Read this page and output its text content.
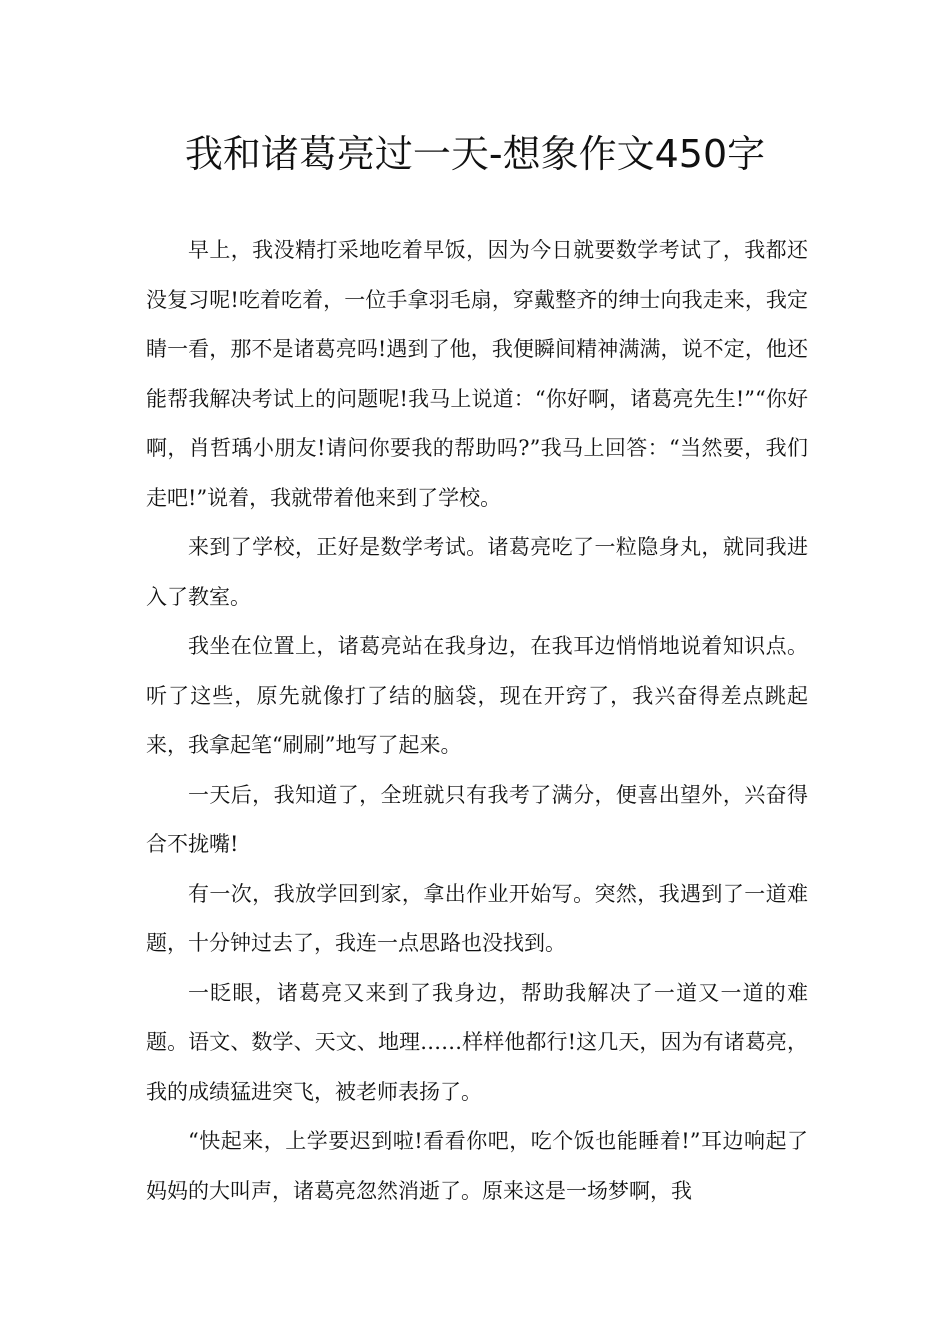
我和诸葛亮过一天-想象作文450字

早上，我没精打采地吃着早饭，因为今日就要数学考试了，我都还没复习呢!吃着吃着，一位手拿羽毛扇，穿戴整齐的绅士向我走来，我定睛一看，那不是诸葛亮吗!遇到了他，我便瞬间精神满满，说不定，他还能帮我解决考试上的问题呢!我马上说道：“你好啊，诸葛亮先生!”“你好啊，肖哲瑀小朋友!请问你要我的帮助吗?”我马上回答：“当然要，我们走吧!”说着，我就带着他来到了学校。

来到了学校，正好是数学考试。诸葛亮吃了一粒隐身丸，就同我进入了教室。

我坐在位置上，诸葛亮站在我身边，在我耳边悄悄地说着知识点。听了这些，原先就像打了结的脑袋，现在开窍了，我兴奋得差点跳起来，我拿起笔“刷刷”地写了起来。

一天后，我知道了，全班就只有我考了满分，便喜出望外，兴奋得合不拢嘴!

有一次，我放学回到家，拿出作业开始写。突然，我遇到了一道难题，十分钟过去了，我连一点思路也没找到。

一眨眼，诸葛亮又来到了我身边，帮助我解决了一道又一道的难题。语文、数学、天文、地理……样样他都行!这几天，因为有诸葛亮，我的成绩猛进突飞，被老师表扬了。

“快起来，上学要迟到啦!看看你吧，吃个饭也能睡着!”耳边响起了妈妈的大叫声，诸葛亮忽然消逝了。原来这是一场梦啊，我
